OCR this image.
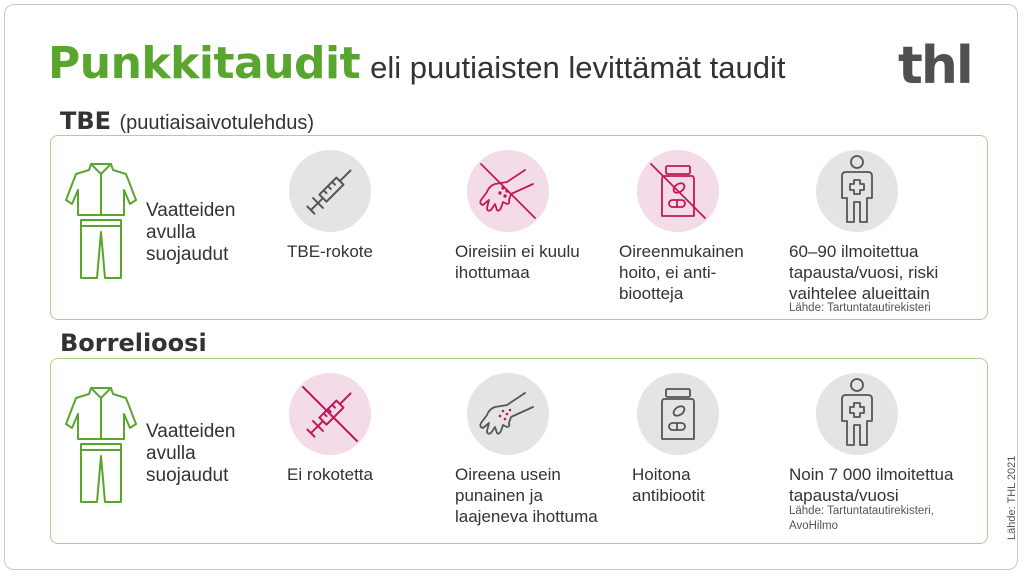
Punkkitaudit eli puutiaisten levittämät taudit thl
TBE (puutiaisaivotulehdus)
Vaatteiden
avulla
suojaudut	TBE-rokote	Oireisiin ei kuulu
ihottumaa
Oireenmukainen
hoito, ei anti-
biootteja
60–90 ilmoitettua
tapausta/vuosi, riski
vaihtelee alueittain
Lähde: Tartuntatautirekisteri
Borrelioosi
Vaatteiden
avulla
suojaudut	Ei rokotetta	Oireena usein
punainen ja
laajeneva ihottuma
Hoitona
antibiootit
Noin 7 000 ilmoitettua
tapausta/vuosi
Lähde: Tartuntatautirekisteri,
AvoHilmo	Lähde: THL 2021
